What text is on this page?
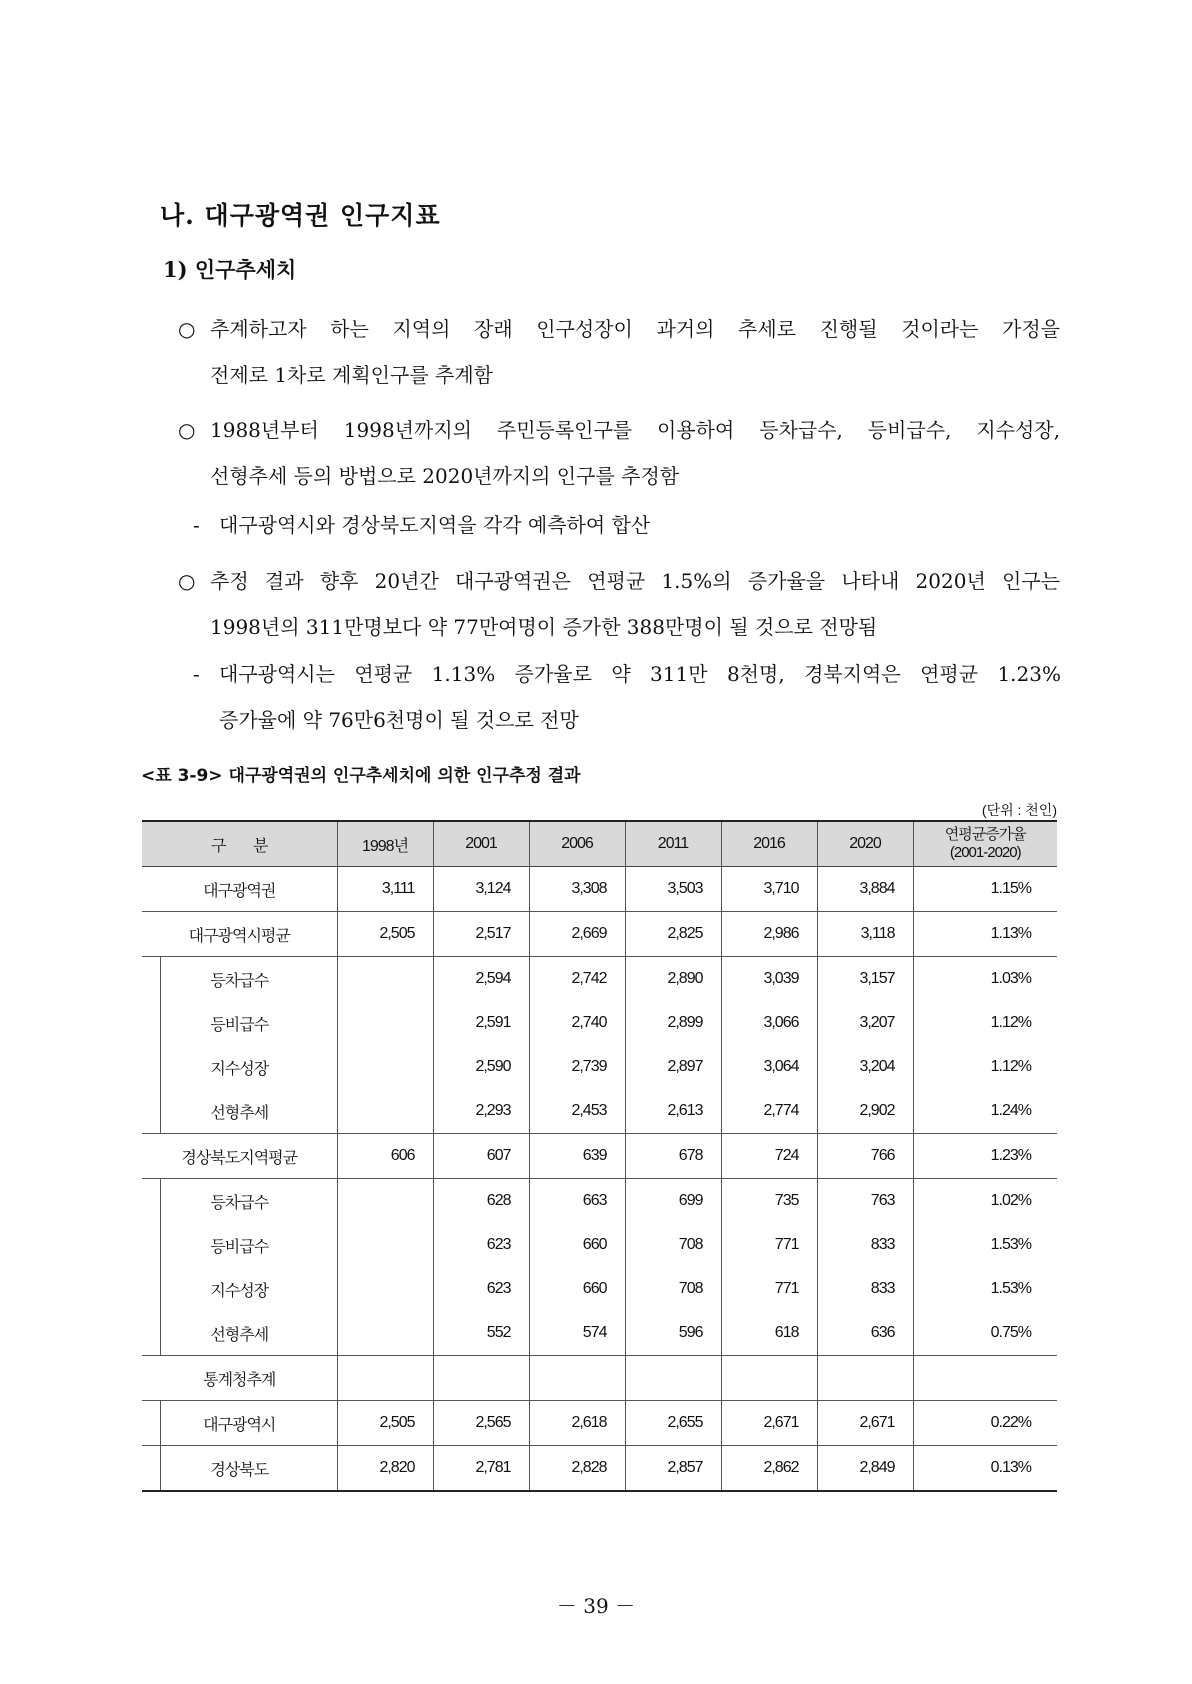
나. 대구광역권 인구지표
1) 인구추세치
○ 추계하고자 하는 지역의 장래 인구성장이 과거의 추세로 진행될 것이라는 가정을
전제로 1차로 계획인구를 추계함
○ 1988년부터 1998년까지의 주민등록인구를 이용하여 등차급수, 등비급수, 지수성장,
선형추세 등의 방법으로 2020년까지의 인구를 추정함
- 대구광역시와 경상북도지역을 각각 예측하여 합산
○ 추정 결과 향후 20년간 대구광역권은 연평균 1.5%의 증가율을 나타내 2020년 인구는
1998년의 311만명보다 약 77만여명이 증가한 388만명이 될 것으로 전망됨
- 대구광역시는 연평균 1.13% 증가율로 약 311만 8천명, 경북지역은 연평균 1.23%
증가율에 약 76만6천명이 될 것으로 전망
<표 3-9> 대구광역권의 인구추세치에 의한 인구추정 결과
(단위 : 천인)
구        분	1998년	2001	2006	2011	2016	2020	연평균증가율
(2001-2020)

대구광역권	3,111	3,124	3,308	3,503	3,710	3,884	1.15%
대구광역시평균	2,505	2,517	2,669	2,825	2,986	3,118	1.13%
등차급수		2,594	2,742	2,890	3,039	3,157	1.03%
등비급수		2,591	2,740	2,899	3,066	3,207	1.12%
지수성장		2,590	2,739	2,897	3,064	3,204	1.12%
선형추세		2,293	2,453	2,613	2,774	2,902	1.24%
경상북도지역평균	606	607	639	678	724	766	1.23%
등차급수		628	663	699	735	763	1.02%
등비급수		623	660	708	771	833	1.53%
지수성장		623	660	708	771	833	1.53%
선형추세		552	574	596	618	636	0.75%
통계청추계							
대구광역시	2,505	2,565	2,618	2,655	2,671	2,671	0.22%
경상북도	2,820	2,781	2,828	2,857	2,862	2,849	0.13%
－ 39 －
